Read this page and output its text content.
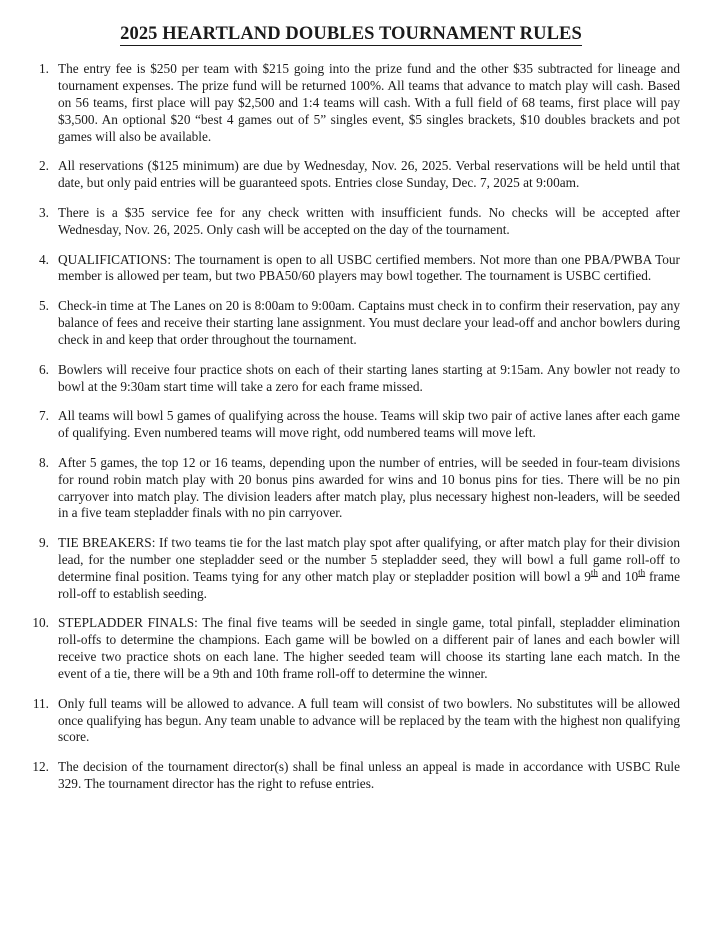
2025 HEARTLAND DOUBLES TOURNAMENT RULES
1. The entry fee is $250 per team with $215 going into the prize fund and the other $35 subtracted for lineage and tournament expenses. The prize fund will be returned 100%. All teams that advance to match play will cash. Based on 56 teams, first place will pay $2,500 and 1:4 teams will cash. With a full field of 68 teams, first place will pay $3,500. An optional $20 “best 4 games out of 5” singles event, $5 singles brackets, $10 doubles brackets and pot games will also be available.
2. All reservations ($125 minimum) are due by Wednesday, Nov. 26, 2025. Verbal reservations will be held until that date, but only paid entries will be guaranteed spots. Entries close Sunday, Dec. 7, 2025 at 9:00am.
3. There is a $35 service fee for any check written with insufficient funds. No checks will be accepted after Wednesday, Nov. 26, 2025. Only cash will be accepted on the day of the tournament.
4. QUALIFICATIONS: The tournament is open to all USBC certified members. Not more than one PBA/PWBA Tour member is allowed per team, but two PBA50/60 players may bowl together. The tournament is USBC certified.
5. Check-in time at The Lanes on 20 is 8:00am to 9:00am. Captains must check in to confirm their reservation, pay any balance of fees and receive their starting lane assignment. You must declare your lead-off and anchor bowlers during check in and keep that order throughout the tournament.
6. Bowlers will receive four practice shots on each of their starting lanes starting at 9:15am. Any bowler not ready to bowl at the 9:30am start time will take a zero for each frame missed.
7. All teams will bowl 5 games of qualifying across the house. Teams will skip two pair of active lanes after each game of qualifying. Even numbered teams will move right, odd numbered teams will move left.
8. After 5 games, the top 12 or 16 teams, depending upon the number of entries, will be seeded in four-team divisions for round robin match play with 20 bonus pins awarded for wins and 10 bonus pins for ties. There will be no pin carryover into match play. The division leaders after match play, plus necessary highest non-leaders, will be seeded in a five team stepladder finals with no pin carryover.
9. TIE BREAKERS: If two teams tie for the last match play spot after qualifying, or after match play for their division lead, for the number one stepladder seed or the number 5 stepladder seed, they will bowl a full game roll-off to determine final position. Teams tying for any other match play or stepladder position will bowl a 9th and 10th frame roll-off to establish seeding.
10. STEPLADDER FINALS: The final five teams will be seeded in single game, total pinfall, stepladder elimination roll-offs to determine the champions. Each game will be bowled on a different pair of lanes and each bowler will receive two practice shots on each lane. The higher seeded team will choose its starting lane each match. In the event of a tie, there will be a 9th and 10th frame roll-off to determine the winner.
11. Only full teams will be allowed to advance. A full team will consist of two bowlers. No substitutes will be allowed once qualifying has begun. Any team unable to advance will be replaced by the team with the highest non qualifying score.
12. The decision of the tournament director(s) shall be final unless an appeal is made in accordance with USBC Rule 329. The tournament director has the right to refuse entries.
